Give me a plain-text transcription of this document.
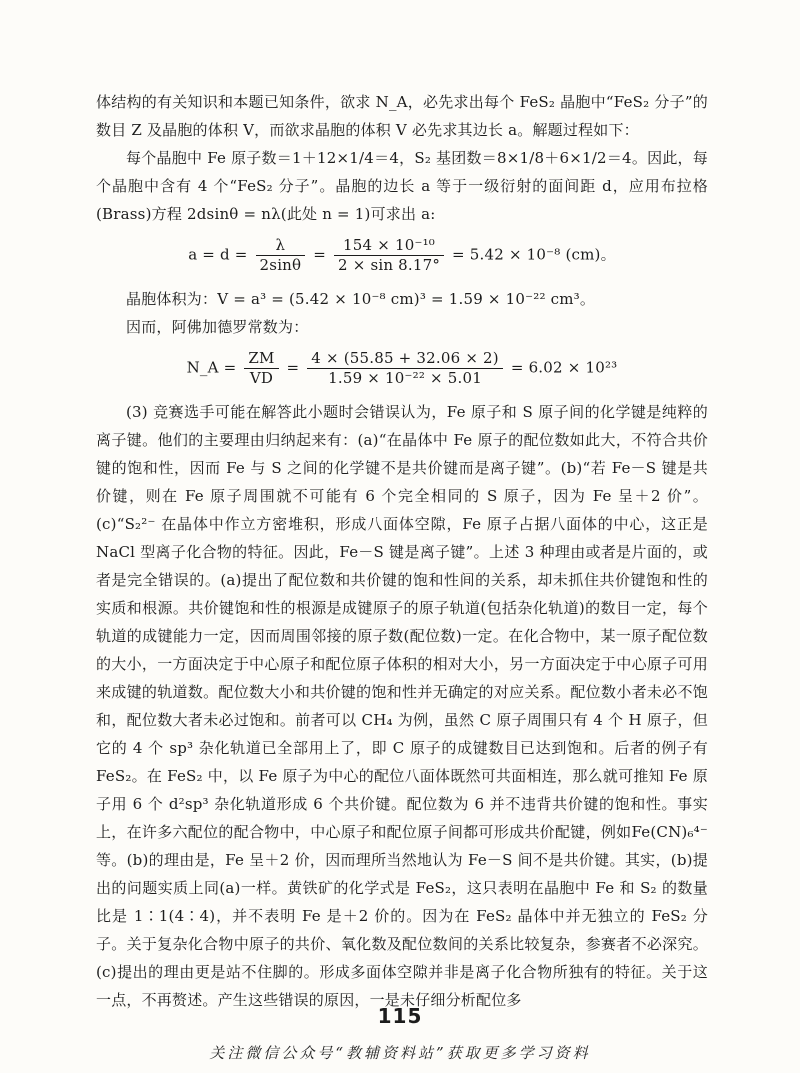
体结构的有关知识和本题已知条件，欲求 N_A，必先求出每个 FeS₂ 晶胞中“FeS₂ 分子”的数目 Z 及晶胞的体积 V，而欲求晶胞的体积 V 必先求其边长 a。解题过程如下：

每个晶胞中 Fe 原子数＝1＋12×1/4＝4，S₂ 基团数＝8×1/8＋6×1/2＝4。因此，每个晶胞中含有 4 个“FeS₂ 分子”。晶胞的边长 a 等于一级衍射的面间距 d，应用布拉格(Brass)方程 2dsinθ = nλ(此处 n = 1)可求出 a:

$a = d = \frac{\lambda}{2\sin\theta} = \frac{\text{154 × 10⁻¹⁰}}{2 \times \sin 8.17^\circ} = 5.42 \times 10^{-8}$ (cm)。

晶胞体积为：V = a³ = (5.42 × 10⁻⁸ cm)³ = 1.59 × 10⁻²² cm³。

因而，阿佛加德罗常数为：

N_A = $\frac{ZM}{VD} = \frac{4 \times (55.85 + 32.06 \times 2)}{\text{1.59 × 10⁻²² × 5.01}} = 6.02 \times 10^{23}$

(3) 竞赛选手可能在解答此小题时会错误认为，Fe 原子和 S 原子间的化学键是纯粹的离子键。他们的主要理由归纳起来有：(a)“在晶体中 Fe 原子的配位数如此大，不符合共价键的饱和性，因而 Fe 与 S 之间的化学键不是共价键而是离子键”。(b)“若 Fe－S 键是共价键，则在 Fe 原子周围就不可能有 6 个完全相同的 S 原子，因为 Fe 呈＋2 价”。(c)“S₂²⁻ 在晶体中作立方密堆积，形成八面体空隙，Fe 原子占据八面体的中心，这正是 NaCl 型离子化合物的特征。因此，Fe－S 键是离子键”。上述 3 种理由或者是片面的，或者是完全错误的。(a)提出了配位数和共价键的饱和性间的关系，却未抓住共价键饱和性的实质和根源。共价键饱和性的根源是成键原子的原子轨道(包括杂化轨道)的数目一定，每个轨道的成键能力一定，因而周围邻接的原子数(配位数)一定。在化合物中，某一原子配位数的大小，一方面决定于中心原子和配位原子体积的相对大小，另一方面决定于中心原子可用来成键的轨道数。配位数大小和共价键的饱和性并无确定的对应关系。配位数小者未必不饱和，配位数大者未必过饱和。前者可以 CH₄ 为例，虽然 C 原子周围只有 4 个 H 原子，但它的 4 个 sp³ 杂化轨道已全部用上了，即 C 原子的成键数目已达到饱和。后者的例子有 FeS₂。在 FeS₂ 中，以 Fe 原子为中心的配位八面体既然可共面相连，那么就可推知 Fe 原子用 6 个 d²sp³ 杂化轨道形成 6 个共价键。配位数为 6 并不违背共价键的饱和性。事实上，在许多六配位的配合物中，中心原子和配位原子间都可形成共价配键，例如Fe(CN)₆⁴⁻等。(b)的理由是，Fe 呈＋2 价，因而理所当然地认为 Fe－S 间不是共价键。其实，(b)提出的问题实质上同(a)一样。黄铁矿的化学式是 FeS₂，这只表明在晶胞中 Fe 和 S₂ 的数量比是 1∶1(4∶4)，并不表明 Fe 是＋2 价的。因为在 FeS₂ 晶体中并无独立的 FeS₂ 分子。关于复杂化合物中原子的共价、氧化数及配位数间的关系比较复杂，参赛者不必深究。(c)提出的理由更是站不住脚的。形成多面体空隙并非是离子化合物所独有的特征。关于这一点，不再赘述。产生这些错误的原因，一是未仔细分析配位多

115
关注微信公众号“教辅资料站”获取更多学习资料
